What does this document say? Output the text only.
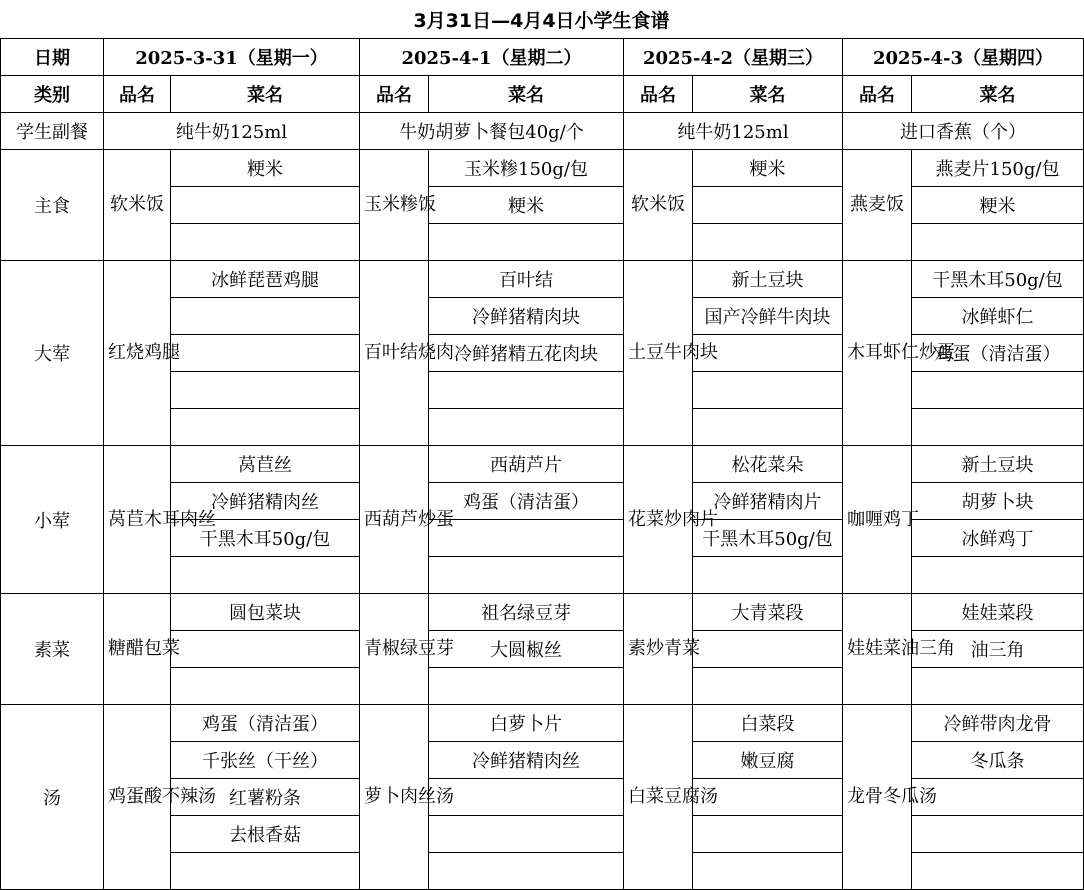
3月31日—4月4日小学生食谱
日期	2025-3-31（星期一）		2025-4-1（星期二）		2025-4-2（星期三）		2025-4-3（星期四）	
类别	品名	菜名	品名	菜名	品名	菜名	品名	菜名
学生副餐	纯牛奶125ml		牛奶胡萝卜餐包40g/个		纯牛奶125ml		进口香蕉（个）	
主食	软米饭	粳米	玉米糁饭	玉米糁150g/包	软米饭	粳米	燕麦饭	燕麦片150g/包
				粳米				粳米

大荤	红烧鸡腿	冰鲜琵琶鸡腿	百叶结烧肉	百叶结	土豆牛肉块	新土豆块	木耳虾仁炒蛋	干黑木耳50g/包
				冷鲜猪精肉块		国产冷鲜牛肉块		冰鲜虾仁
				冷鲜猪精五花肉块				鸡蛋（清洁蛋）

小荤	莴苣木耳肉丝	莴苣丝	西葫芦炒蛋	西葫芦片	花菜炒肉片	松花菜朵	咖喱鸡丁	新土豆块
		冷鲜猪精肉丝		鸡蛋（清洁蛋）		冷鲜猪精肉片		胡萝卜块
		干黑木耳50g/包				干黑木耳50g/包		冰鲜鸡丁

素菜	糖醋包菜	圆包菜块	青椒绿豆芽	祖名绿豆芽	素炒青菜	大青菜段	娃娃菜油三角	娃娃菜段
				大圆椒丝				油三角

汤	鸡蛋酸不辣汤	鸡蛋（清洁蛋）	萝卜肉丝汤	白萝卜片	白菜豆腐汤	白菜段	龙骨冬瓜汤	冷鲜带肉龙骨
		千张丝（干丝）		冷鲜猪精肉丝		嫩豆腐		冬瓜条
		红薯粉条						
		去根香菇						
